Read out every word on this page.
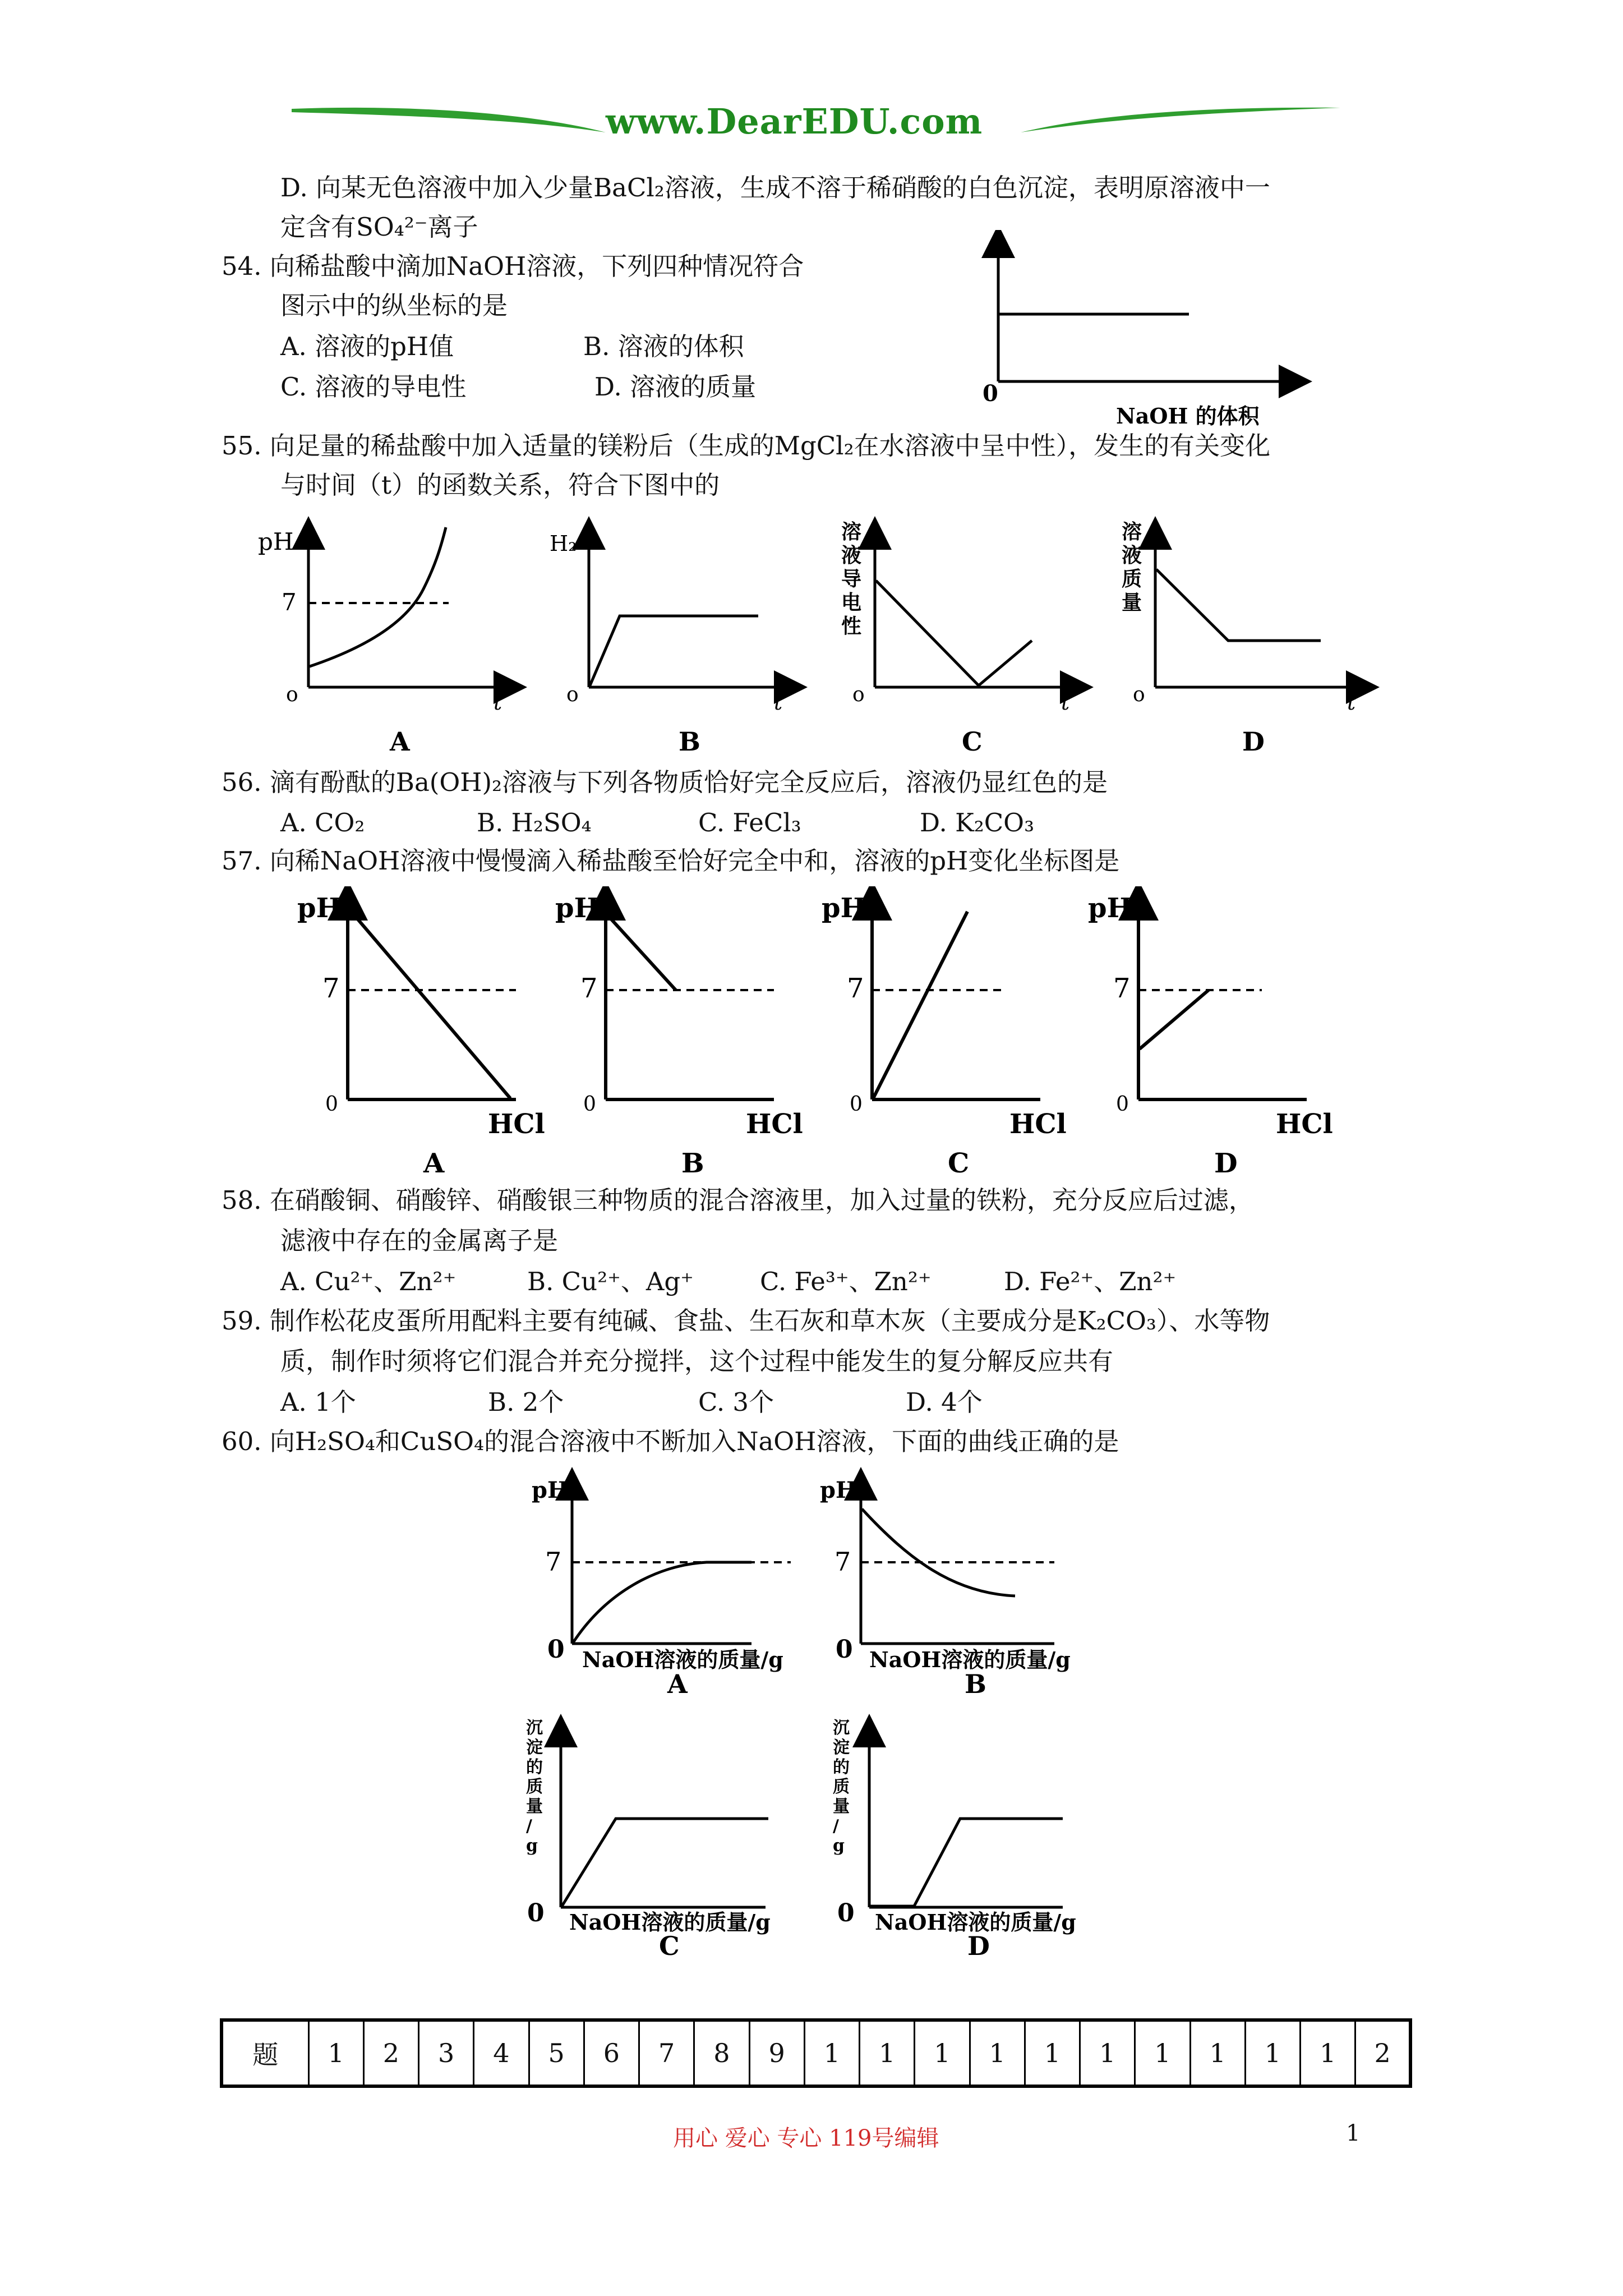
www.DearEDU.com
D. 向某无色溶液中加入少量BaCl₂溶液，生成不溶于稀硝酸的白色沉淀，表明原溶液中一
定含有SO₄²⁻离子
54. 向稀盐酸中滴加NaOH溶液，下列四种情况符合
图示中的纵坐标的是
A. 溶液的pH值	B. 溶液的体积
C. 溶液的导电性	D. 溶液的质量	0
NaOH 的体积
55. 向足量的稀盐酸中加入适量的镁粉后（生成的MgCl₂在水溶液中呈中性），发生的有关变化
与时间（t）的函数关系，符合下图中的
pH
7
o	t
A
H₂
o	t
B
溶液导电性
o	t
C
溶液质量
o	t
D
56. 滴有酚酞的Ba(OH)₂溶液与下列各物质恰好完全反应后，溶液仍显红色的是
A. CO₂	B. H₂SO₄	C. FeCl₃	D. K₂CO₃
57. 向稀NaOH溶液中慢慢滴入稀盐酸至恰好完全中和，溶液的pH变化坐标图是
pH
7
0
HCl
A
pH
7
0
HCl
B
pH
7
0
HCl
C
pH
7
0
HCl
D
58. 在硝酸铜、硝酸锌、硝酸银三种物质的混合溶液里，加入过量的铁粉，充分反应后过滤，
滤液中存在的金属离子是
A. Cu²⁺、Zn²⁺	B. Cu²⁺、Ag⁺	C. Fe³⁺、Zn²⁺	D. Fe²⁺、Zn²⁺
59. 制作松花皮蛋所用配料主要有纯碱、食盐、生石灰和草木灰（主要成分是K₂CO₃）、水等物
质，制作时须将它们混合并充分搅拌，这个过程中能发生的复分解反应共有
A. 1个	B. 2个	C. 3个	D. 4个
60. 向H₂SO₄和CuSO₄的混合溶液中不断加入NaOH溶液，下面的曲线正确的是
pH
7
0 NaOH溶液的质量/g
A
pH
7
0 NaOH溶液的质量/g
B
沉淀的质量/ g
0 NaOH溶液的质量/g
C
沉淀的质量/ g
0 NaOH溶液的质量/g
D
题	1	2	3	4	5	6	7	8	9	1	1	1	1	1	1	1	1	1	1	2
用心 爱心 专心 119号编辑	1
